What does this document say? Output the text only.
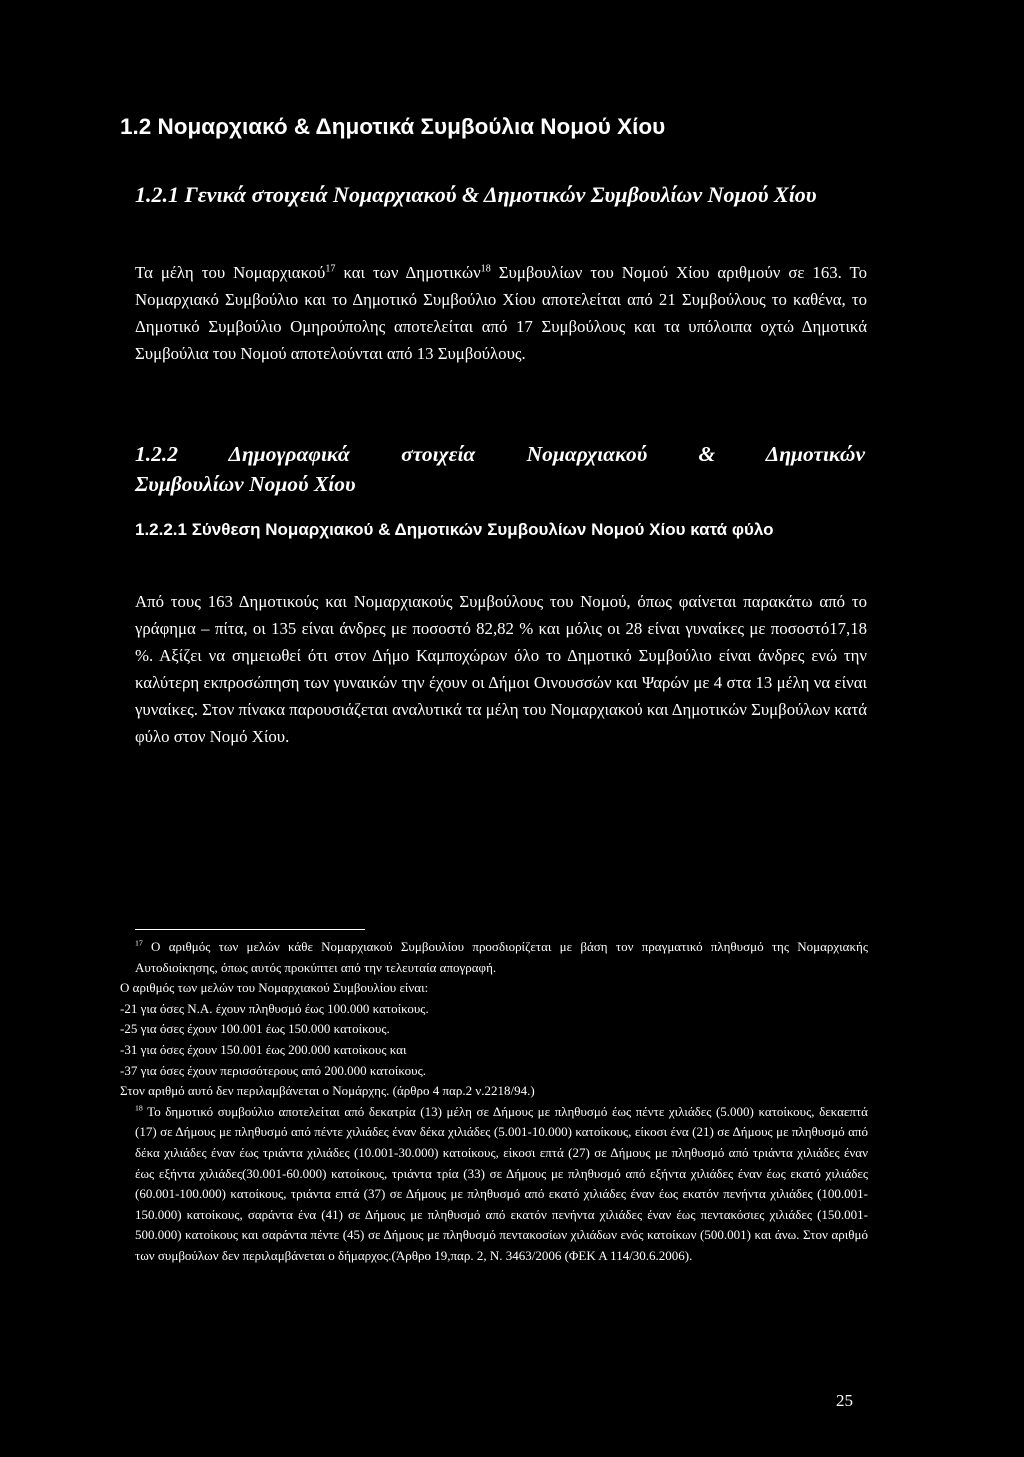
1.2 Νομαρχιακό & Δημοτικά Συμβούλια Νομού Χίου
1.2.1 Γενικά στοιχειά Νομαρχιακού & Δημοτικών Συμβουλίων Νομού Χίου

Τα μέλη του Νομαρχιακού$^{17}$ και των Δημοτικών$^{18}$ Συμβουλίων του Νομού Χίου αριθμούν σε 163. Το Νομαρχιακό Συμβούλιο και το Δημοτικό Συμβούλιο Χίου αποτελείται από 21 Συμβούλους το καθένα, το Δημοτικό Συμβούλιο Ομηρούπολης αποτελείται από 17 Συμβούλους και τα υπόλοιπα οχτώ Δημοτικά Συμβούλια του Νομού αποτελούνται από 13 Συμβούλους.

1.2.2 Δημογραφικά στοιχεία Νομαρχιακού & Δημοτικών
Συμβουλίων Νομού Χίου
1.2.2.1 Σύνθεση Νομαρχιακού & Δημοτικών Συμβουλίων Νομού Χίου κατά φύλο

Από τους 163 Δημοτικούς και Νομαρχιακούς Συμβούλους του Νομού, όπως φαίνεται παρακάτω από το γράφημα – πίτα, οι 135 είναι άνδρες με ποσοστό 82,82 % και μόλις οι 28 είναι γυναίκες με ποσοστό17,18 %. Αξίζει να σημειωθεί ότι στον Δήμο Καμποχώρων όλο το Δημοτικό Συμβούλιο είναι άνδρες ενώ την καλύτερη εκπροσώπηση των γυναικών την έχουν οι Δήμοι Οινουσσών και Ψαρών με 4 στα 13 μέλη να είναι γυναίκες. Στον πίνακα παρουσιάζεται αναλυτικά τα μέλη του Νομαρχιακού και Δημοτικών Συμβούλων κατά φύλο στον Νομό Χίου.

$^{17}$ Ο αριθμός των μελών κάθε Νομαρχιακού Συμβουλίου προσδιορίζεται με βάση τον πραγματικό πληθυσμό της Νομαρχιακής Αυτοδιοίκησης, όπως αυτός προκύπτει από την τελευταία απογραφή.
Ο αριθμός των μελών του Νομαρχιακού Συμβουλίου είναι:
-21 για όσες Ν.Α. έχουν πληθυσμό έως 100.000 κατοίκους.
-25 για όσες έχουν 100.001 έως 150.000 κατοίκους.
-31 για όσες έχουν 150.001 έως 200.000 κατοίκους και
-37 για όσες έχουν περισσότερους από 200.000 κατοίκους.
Στον αριθμό αυτό δεν περιλαμβάνεται ο Νομάρχης. (άρθρο 4 παρ.2 ν.2218/94.)
$^{18}$ Το δημοτικό συμβούλιο αποτελείται από δεκατρία (13) μέλη σε Δήμους με πληθυσμό έως πέντε χιλιάδες (5.000) κατοίκους, δεκαεπτά (17) σε Δήμους με πληθυσμό από πέντε χιλιάδες έναν δέκα χιλιάδες (5.001-10.000) κατοίκους, είκοσι ένα (21) σε Δήμους με πληθυσμό από δέκα χιλιάδες έναν έως τριάντα χιλιάδες (10.001-30.000) κατοίκους, είκοσι επτά (27) σε Δήμους με πληθυσμό από τριάντα χιλιάδες έναν έως εξήντα χιλιάδες(30.001-60.000) κατοίκους, τριάντα τρία (33) σε Δήμους με πληθυσμό από εξήντα χιλιάδες έναν έως εκατό χιλιάδες (60.001-100.000) κατοίκους, τριάντα επτά (37) σε Δήμους με πληθυσμό από εκατό χιλιάδες έναν έως εκατόν πενήντα χιλιάδες (100.001-150.000) κατοίκους, σαράντα ένα (41) σε Δήμους με πληθυσμό από εκατόν πενήντα χιλιάδες έναν έως πεντακόσιες χιλιάδες (150.001-500.000) κατοίκους και σαράντα πέντε (45) σε Δήμους με πληθυσμό πεντακοσίων χιλιάδων ενός κατοίκων (500.001) και άνω. Στον αριθμό των συμβούλων δεν περιλαμβάνεται ο δήμαρχος.(Άρθρο 19,παρ. 2, Ν. 3463/2006 (ΦΕΚ Α 114/30.6.2006).
25
